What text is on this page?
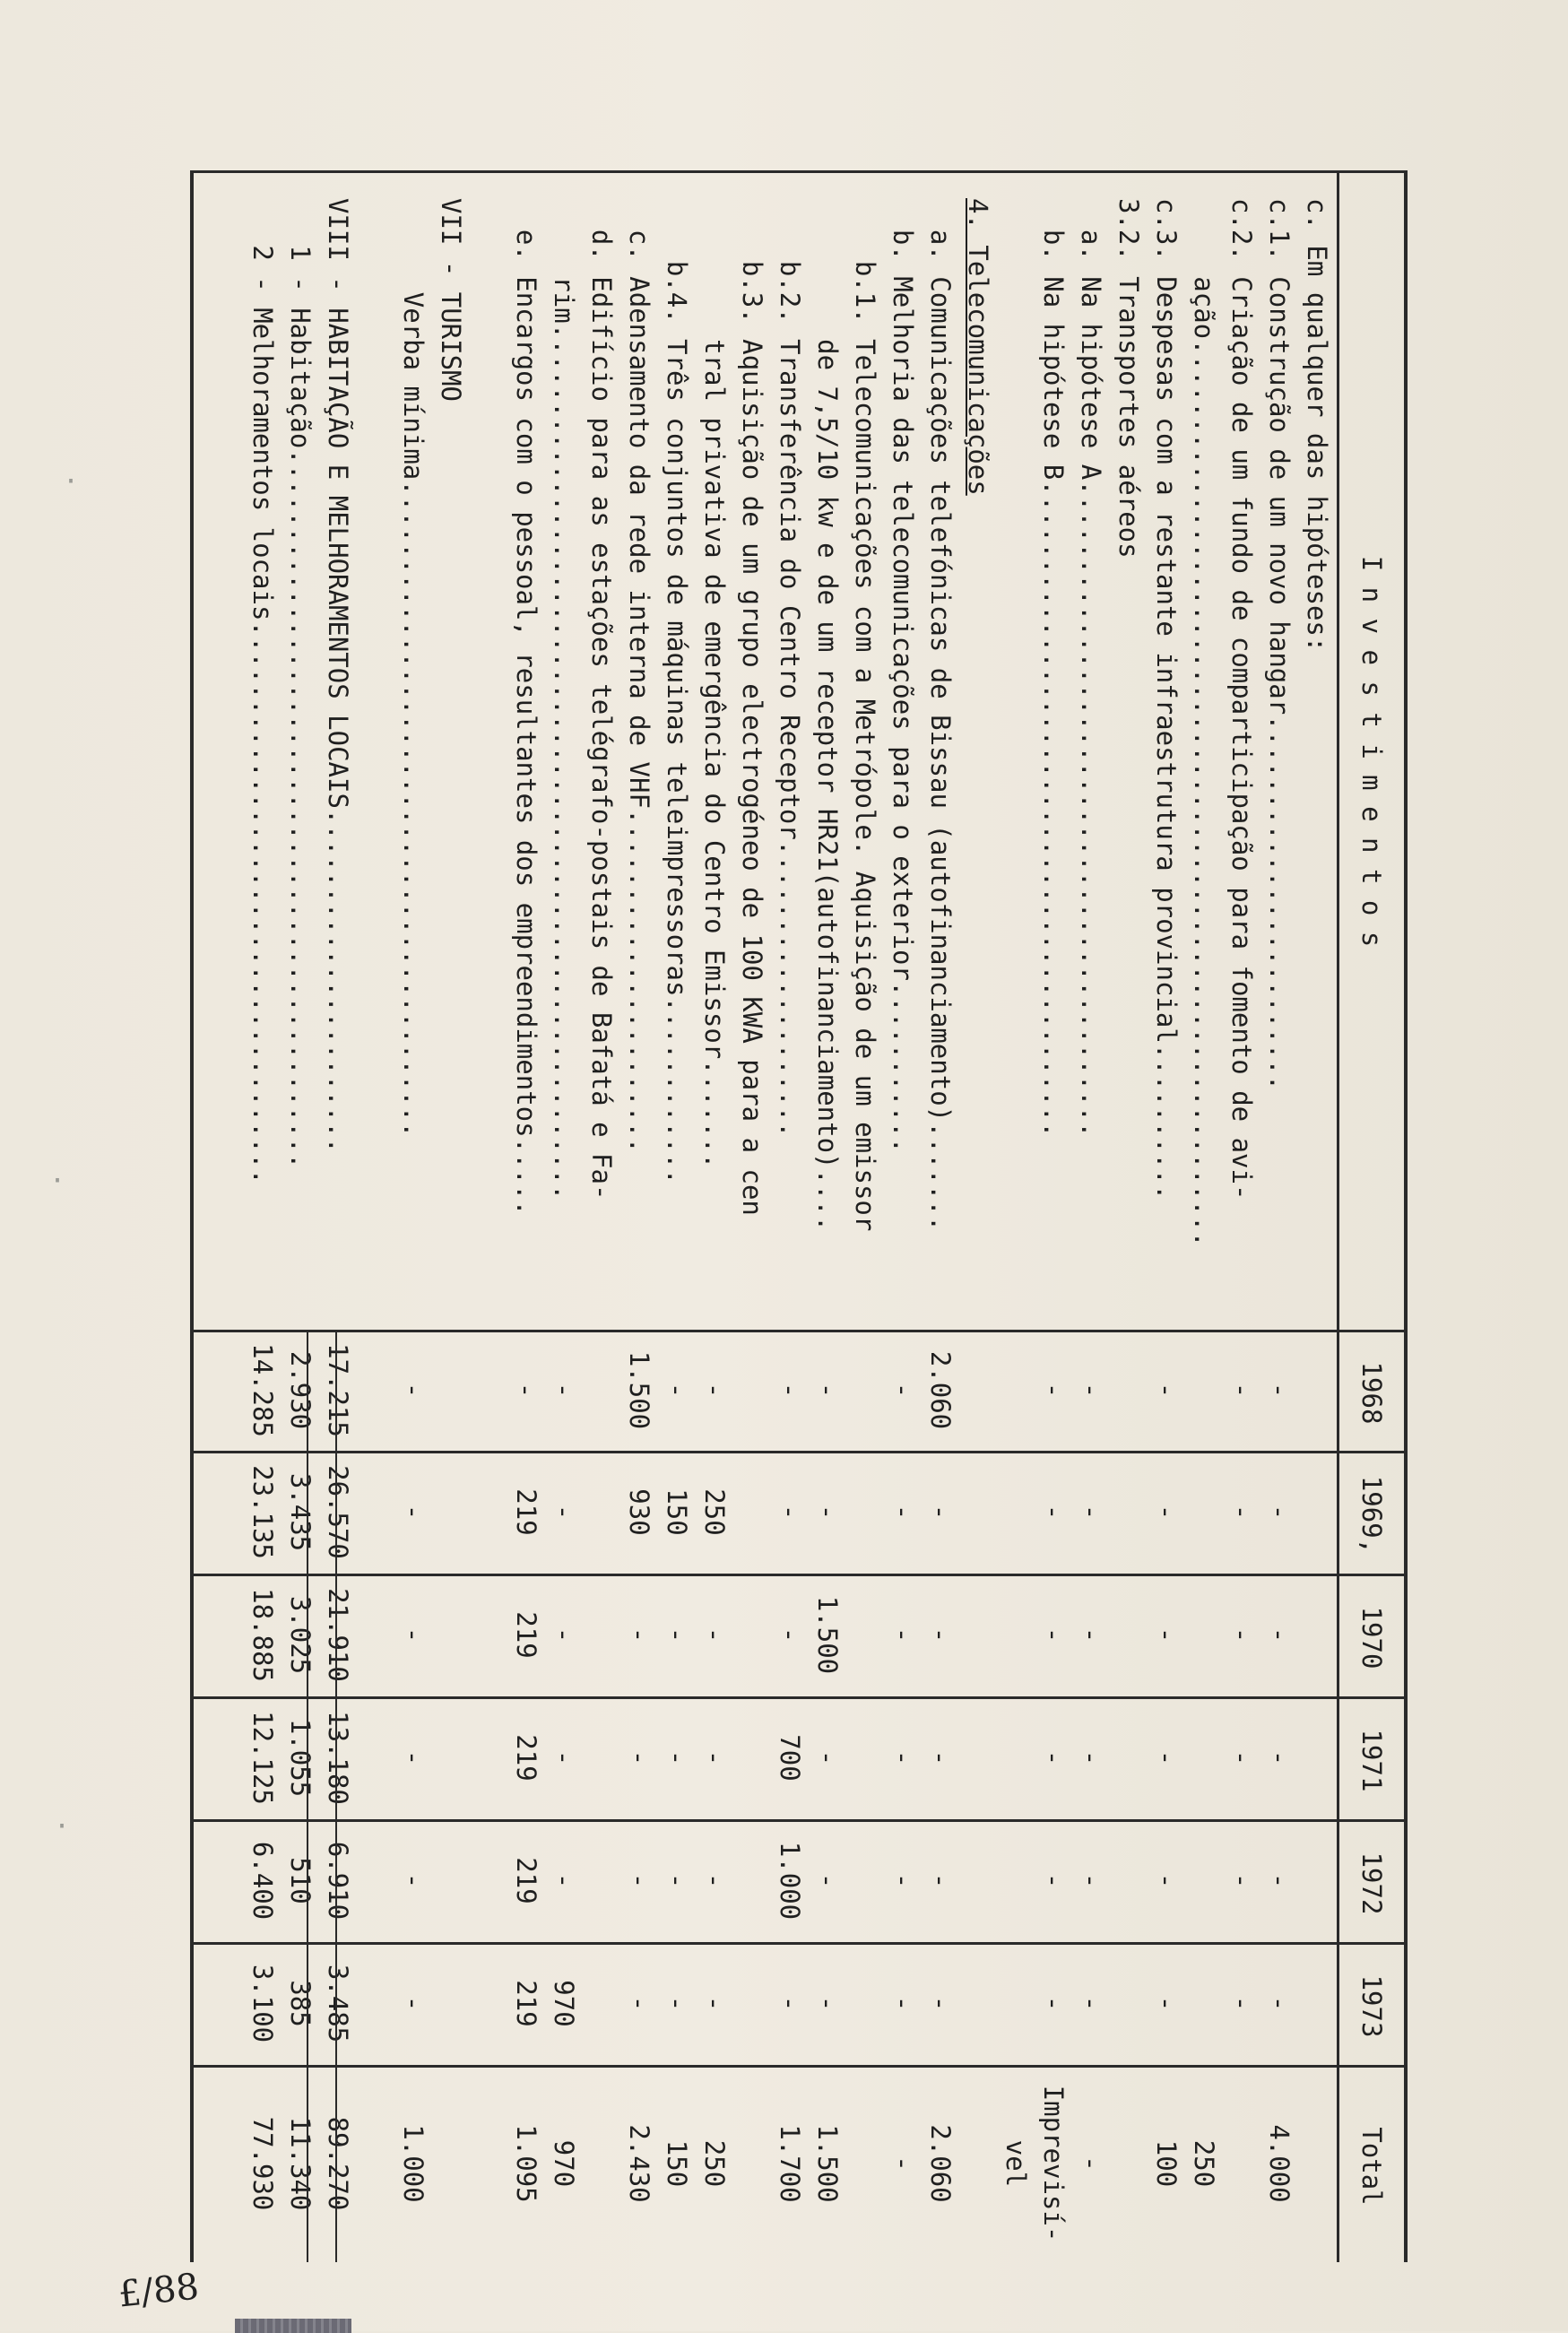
I n v e s t i m e n t o s
1968
1969,
1970
1971
1972
1973
Total
c. Em qualquer das hipóteses:
c.1. Construção de um novo hangar........................
-
-
-
-
-
-
4.000
c.2. Criação de um fundo de comparticipação para fomento de avi-
-
-
-
-
-
-
ação..........................................................
250
c.3. Despesas com a restante infraestrutura provincial..........
-
-
-
-
-
-
100
3.2. Transportes aéreos
a. Na hipótese A..........................................
-
-
-
-
-
-
-
b. Na hipótese B..........................................
-
-
-
-
-
-
Imprevisí-
vel
4. Telecomunicações
a. Comunicações telefónicas de Bissau (autofinanciamento).......
2.060
-
-
-
-
-
2.060
b. Melhoria das telecomunicações para o exterior...........
-
-
-
-
-
-
-
b.1. Telecomunicações com a Metrópole. Aquisição de um emissor
de 7,5/10 kw e de um receptor HR21(autofinanciamento)....
-
-
1.500
-
-
-
1.500
b.2. Transferência do Centro Receptor...................
-
-
-
700
1.000
-
1.700
b.3. Aquisição de um grupo electrogéneo de 100 KWA para a cen
tral privativa de emergência do Centro Emissor.......
-
250
-
-
-
-
250
b.4. Três conjuntos de máquinas teleimpressoras............
-
150
-
-
-
-
150
c. Adensamento da rede interna de VHF......................
1.500
930
-
-
-
-
2.430
d. Edifício para as estações telégrafo-postais de Bafatá e Fa-
rim........................................................
-
-
-
-
-
970
970
e. Encargos com o pessoal, resultantes dos empreendimentos.....
-
219
219
219
219
219
1.095
VII - TURISMO
Verba mínima..........................................
-
-
-
-
-
-
1.000
VIII - HABITAÇÃO E MELHORAMENTOS LOCAIS......................
17.215
26.570
21.910
13.180
6.910
3.485
89.270
1 - Habitação..............................................
2.930
3.435
3.025
1.055
510
385
11.340
2 - Melhoramentos locais....................................
14.285
23.135
18.885
12.125
6.400
3.100
77.930
·
·
·
£/88
